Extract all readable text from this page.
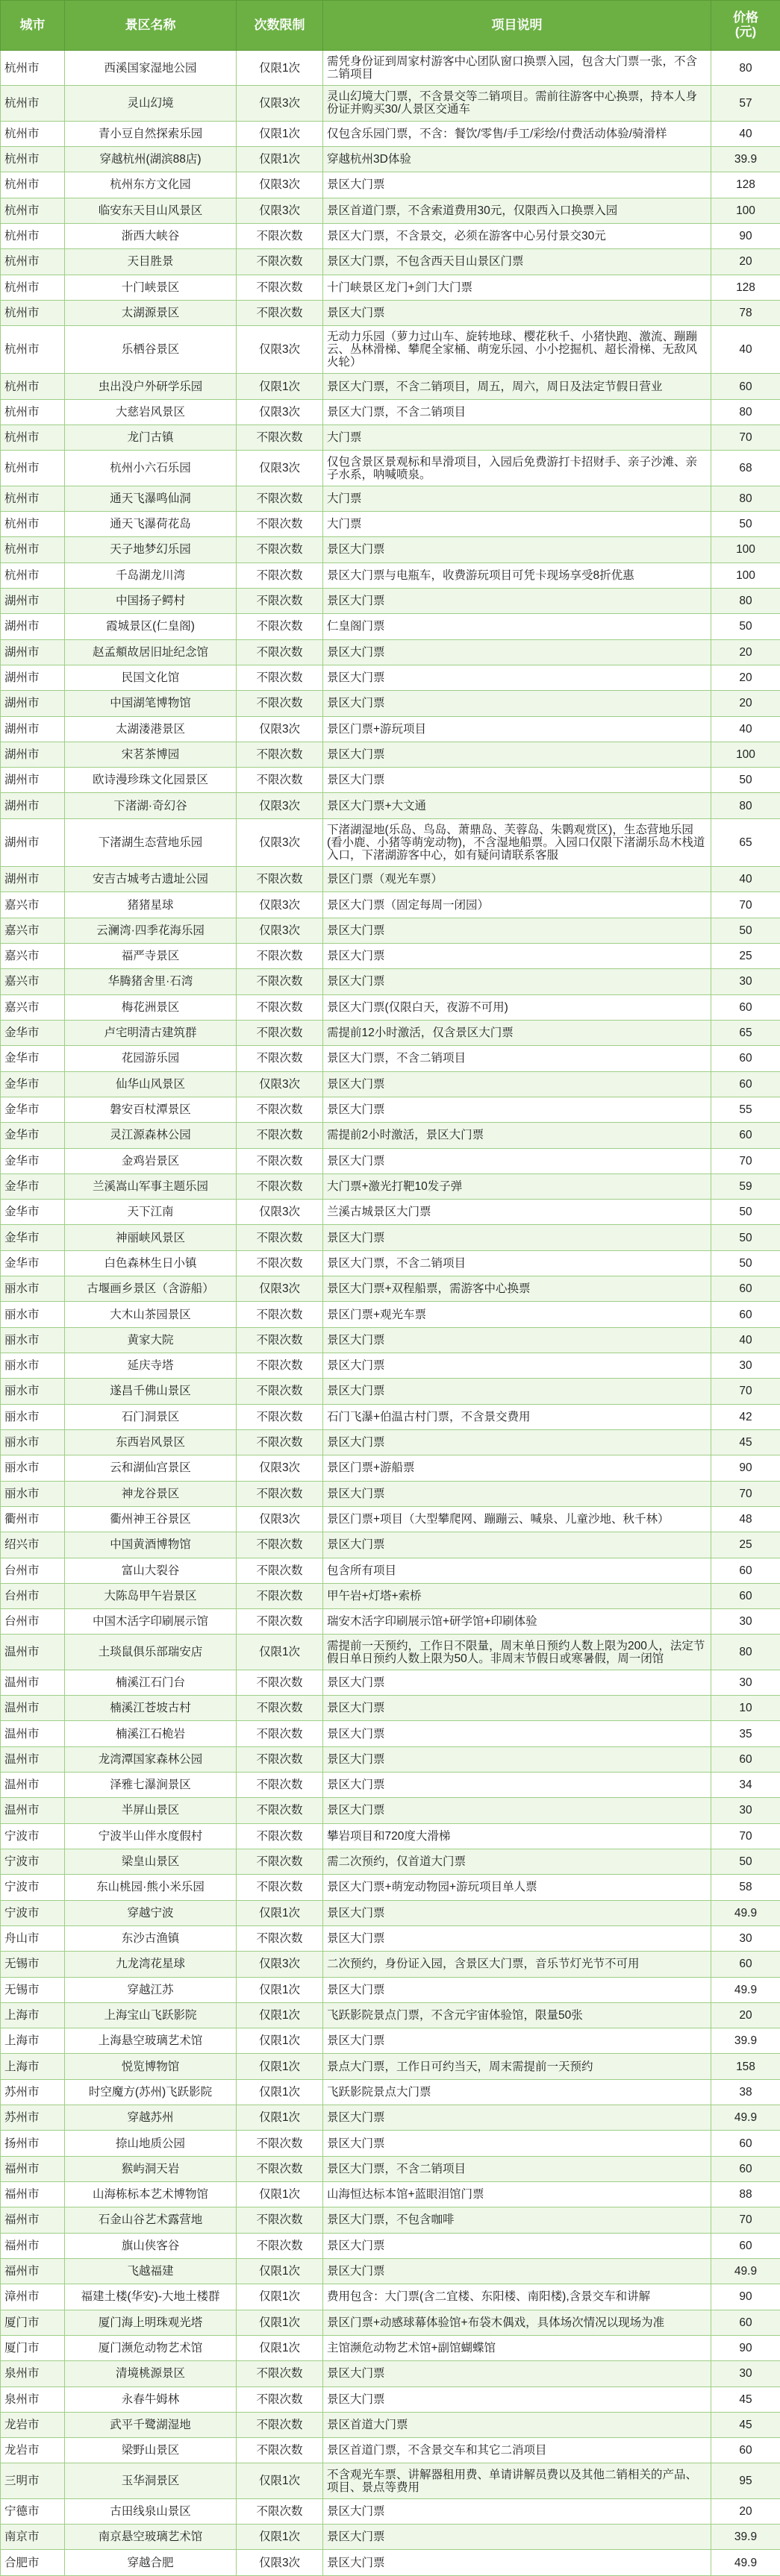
城市	景区名称	次数限制	项目说明	价格
(元)
杭州市	西溪国家湿地公园	仅限1次	需凭身份证到周家村游客中心团队窗口换票入园，包含大门票一张，不含二销项目	80
杭州市	灵山幻境	仅限3次	灵山幻境大门票，不含景交等二销项目。需前往游客中心换票，持本人身份证并购买30/人景区交通车	57
杭州市	青小豆自然探索乐园	仅限1次	仅包含乐园门票，不含：餐饮/零售/手工/彩绘/付费活动体验/骑滑样	40
杭州市	穿越杭州(湖滨88店)	仅限1次	穿越杭州3D体验	39.9
杭州市	杭州东方文化园	仅限3次	景区大门票	128
杭州市	临安东天目山风景区	仅限3次	景区首道门票，不含索道费用30元，仅限西入口换票入园	100
杭州市	浙西大峡谷	不限次数	景区大门票，不含景交，必须在游客中心另付景交30元	90
杭州市	天目胜景	不限次数	景区大门票，不包含西天目山景区门票	20
杭州市	十门峡景区	不限次数	十门峡景区龙门+剑门大门票	128
杭州市	太湖源景区	不限次数	景区大门票	78
杭州市	乐栖谷景区	仅限3次	无动力乐园（萝力过山车、旋转地球、樱花秋千、小猪快跑、激流、蹦蹦云、丛林滑梯、攀爬全家桶、萌宠乐园、小小挖掘机、超长滑梯、无敌风火轮）	40
杭州市	虫出没户外研学乐园	仅限1次	景区大门票，不含二销项目，周五，周六，周日及法定节假日营业	60
杭州市	大慈岩风景区	仅限3次	景区大门票，不含二销项目	80
杭州市	龙门古镇	不限次数	大门票	70
杭州市	杭州小六石乐园	仅限3次	仅包含景区景观标和旱滑项目，入园后免费游打卡招财手、亲子沙滩、亲子水系，呐喊喷泉。	68
杭州市	通天飞瀑鸣仙洞	不限次数	大门票	80
杭州市	通天飞瀑荷花岛	不限次数	大门票	50
杭州市	天子地梦幻乐园	不限次数	景区大门票	100
杭州市	千岛湖龙川湾	不限次数	景区大门票与电瓶车，收费游玩项目可凭卡现场享受8折优惠	100
湖州市	中国扬子鳄村	不限次数	景区大门票	80
湖州市	霞城景区(仁皇阁)	不限次数	仁皇阁门票	50
湖州市	赵孟頫故居旧址纪念馆	不限次数	景区大门票	20
湖州市	民国文化馆	不限次数	景区大门票	20
湖州市	中国湖笔博物馆	不限次数	景区大门票	20
湖州市	太湖溇港景区	仅限3次	景区门票+游玩项目	40
湖州市	宋茗茶博园	不限次数	景区大门票	100
湖州市	欧诗漫珍珠文化园景区	不限次数	景区大门票	50
湖州市	下渚湖·奇幻谷	仅限3次	景区大门票+大文通	80
湖州市	下渚湖生态营地乐园	仅限3次	下渚湖湿地(乐岛、鸟岛、萧鼎岛、芙蓉岛、朱鹮观赏区)，生态营地乐园(看小鹿、小猪等萌宠动物)，不含湿地船票。入园口仅限下渚湖乐岛木栈道入口，下渚湖游客中心，如有疑问请联系客服	65
湖州市	安吉古城考古遗址公园	不限次数	景区门票（观光车票）	40
嘉兴市	猪猪星球	仅限3次	景区大门票（固定每周一闭园）	70
嘉兴市	云澜湾·四季花海乐园	仅限3次	景区大门票	50
嘉兴市	福严寺景区	不限次数	景区大门票	25
嘉兴市	华腾猪舍里·石湾	不限次数	景区大门票	30
嘉兴市	梅花洲景区	不限次数	景区大门票(仅限白天，夜游不可用)	60
金华市	卢宅明清古建筑群	不限次数	需提前12小时激活，仅含景区大门票	65
金华市	花园游乐园	不限次数	景区大门票，不含二销项目	60
金华市	仙华山风景区	仅限3次	景区大门票	60
金华市	磐安百杖潭景区	不限次数	景区大门票	55
金华市	灵江源森林公园	不限次数	需提前2小时激活，景区大门票	60
金华市	金鸡岩景区	不限次数	景区大门票	70
金华市	兰溪嵩山军事主题乐园	不限次数	大门票+激光打靶10发子弹	59
金华市	天下江南	仅限3次	兰溪古城景区大门票	50
金华市	神丽峡风景区	不限次数	景区大门票	50
金华市	白色森林生日小镇	不限次数	景区大门票，不含二销项目	50
丽水市	古堰画乡景区（含游船）	仅限3次	景区大门票+双程船票，需游客中心换票	60
丽水市	大木山茶园景区	不限次数	景区门票+观光车票	60
丽水市	黄家大院	不限次数	景区大门票	40
丽水市	延庆寺塔	不限次数	景区大门票	30
丽水市	遂昌千佛山景区	不限次数	景区大门票	70
丽水市	石门洞景区	不限次数	石门飞瀑+伯温古村门票，不含景交费用	42
丽水市	东西岩风景区	不限次数	景区大门票	45
丽水市	云和湖仙宫景区	仅限3次	景区门票+游船票	90
丽水市	神龙谷景区	不限次数	景区大门票	70
衢州市	衢州神王谷景区	仅限3次	景区门票+项目（大型攀爬网、蹦蹦云、喊泉、儿童沙地、秋千林）	48
绍兴市	中国黄酒博物馆	不限次数	景区大门票	25
台州市	富山大裂谷	不限次数	包含所有项目	60
台州市	大陈岛甲午岩景区	不限次数	甲午岩+灯塔+索桥	60
台州市	中国木活字印刷展示馆	不限次数	瑞安木活字印刷展示馆+研学馆+印刷体验	30
温州市	土琰鼠俱乐部瑞安店	仅限1次	需提前一天预约，工作日不限量，周末单日预约人数上限为200人，法定节假日单日预约人数上限为50人。非周末节假日或寒暑假，周一闭馆	80
温州市	楠溪江石门台	不限次数	景区大门票	30
温州市	楠溪江苍坡古村	不限次数	景区大门票	10
温州市	楠溪江石桅岩	不限次数	景区大门票	35
温州市	龙湾潭国家森林公园	不限次数	景区大门票	60
温州市	泽雅七瀑涧景区	不限次数	景区大门票	34
温州市	半屏山景区	不限次数	景区大门票	30
宁波市	宁波半山伴水度假村	不限次数	攀岩项目和720度大滑梯	70
宁波市	梁皇山景区	不限次数	需二次预约，仅首道大门票	50
宁波市	东山桃园·熊小米乐园	不限次数	景区大门票+萌宠动物园+游玩项目单人票	58
宁波市	穿越宁波	仅限1次	景区大门票	49.9
舟山市	东沙古渔镇	不限次数	景区大门票	30
无锡市	九龙湾花星球	仅限3次	二次预约，身份证入园，含景区大门票，音乐节灯光节不可用	60
无锡市	穿越江苏	仅限1次	景区大门票	49.9
上海市	上海宝山飞跃影院	仅限1次	飞跃影院景点门票，不含元宇宙体验馆，限量50张	20
上海市	上海悬空玻璃艺术馆	仅限1次	景区大门票	39.9
上海市	悦览博物馆	仅限1次	景点大门票，工作日可约当天，周末需提前一天预约	158
苏州市	时空魔方(苏州)飞跃影院	仅限1次	飞跃影院景点大门票	38
苏州市	穿越苏州	仅限1次	景区大门票	49.9
扬州市	捺山地质公园	不限次数	景区大门票	60
福州市	猴屿洞天岩	不限次数	景区大门票，不含二销项目	60
福州市	山海栋标本艺术博物馆	仅限1次	山海恒达标本馆+蓝眼泪馆门票	88
福州市	石金山谷艺术露营地	不限次数	景区大门票，不包含咖啡	70
福州市	旗山侠客谷	不限次数	景区大门票	60
福州市	飞越福建	仅限1次	景区大门票	49.9
漳州市	福建土楼(华安)-大地土楼群	仅限1次	费用包含：大门票(含二宜楼、东阳楼、南阳楼),含景交车和讲解	90
厦门市	厦门海上明珠观光塔	仅限1次	景区门票+动感球幕体验馆+布袋木偶戏，具体场次情况以现场为准	60
厦门市	厦门濒危动物艺术馆	仅限1次	主馆濒危动物艺术馆+副馆蝴蝶馆	90
泉州市	清境桃源景区	不限次数	景区大门票	30
泉州市	永春牛姆林	不限次数	景区大门票	45
龙岩市	武平千鹭湖湿地	不限次数	景区首道大门票	45
龙岩市	梁野山景区	不限次数	景区首道门票，不含景交车和其它二消项目	60
三明市	玉华洞景区	仅限1次	不含观光车票、讲解器租用费、单请讲解员费以及其他二销相关的产品、项目、景点等费用	95
宁德市	古田线泉山景区	不限次数	景区大门票	20
南京市	南京悬空玻璃艺术馆	仅限1次	景区大门票	39.9
合肥市	穿越合肥	仅限3次	景区大门票	49.9
